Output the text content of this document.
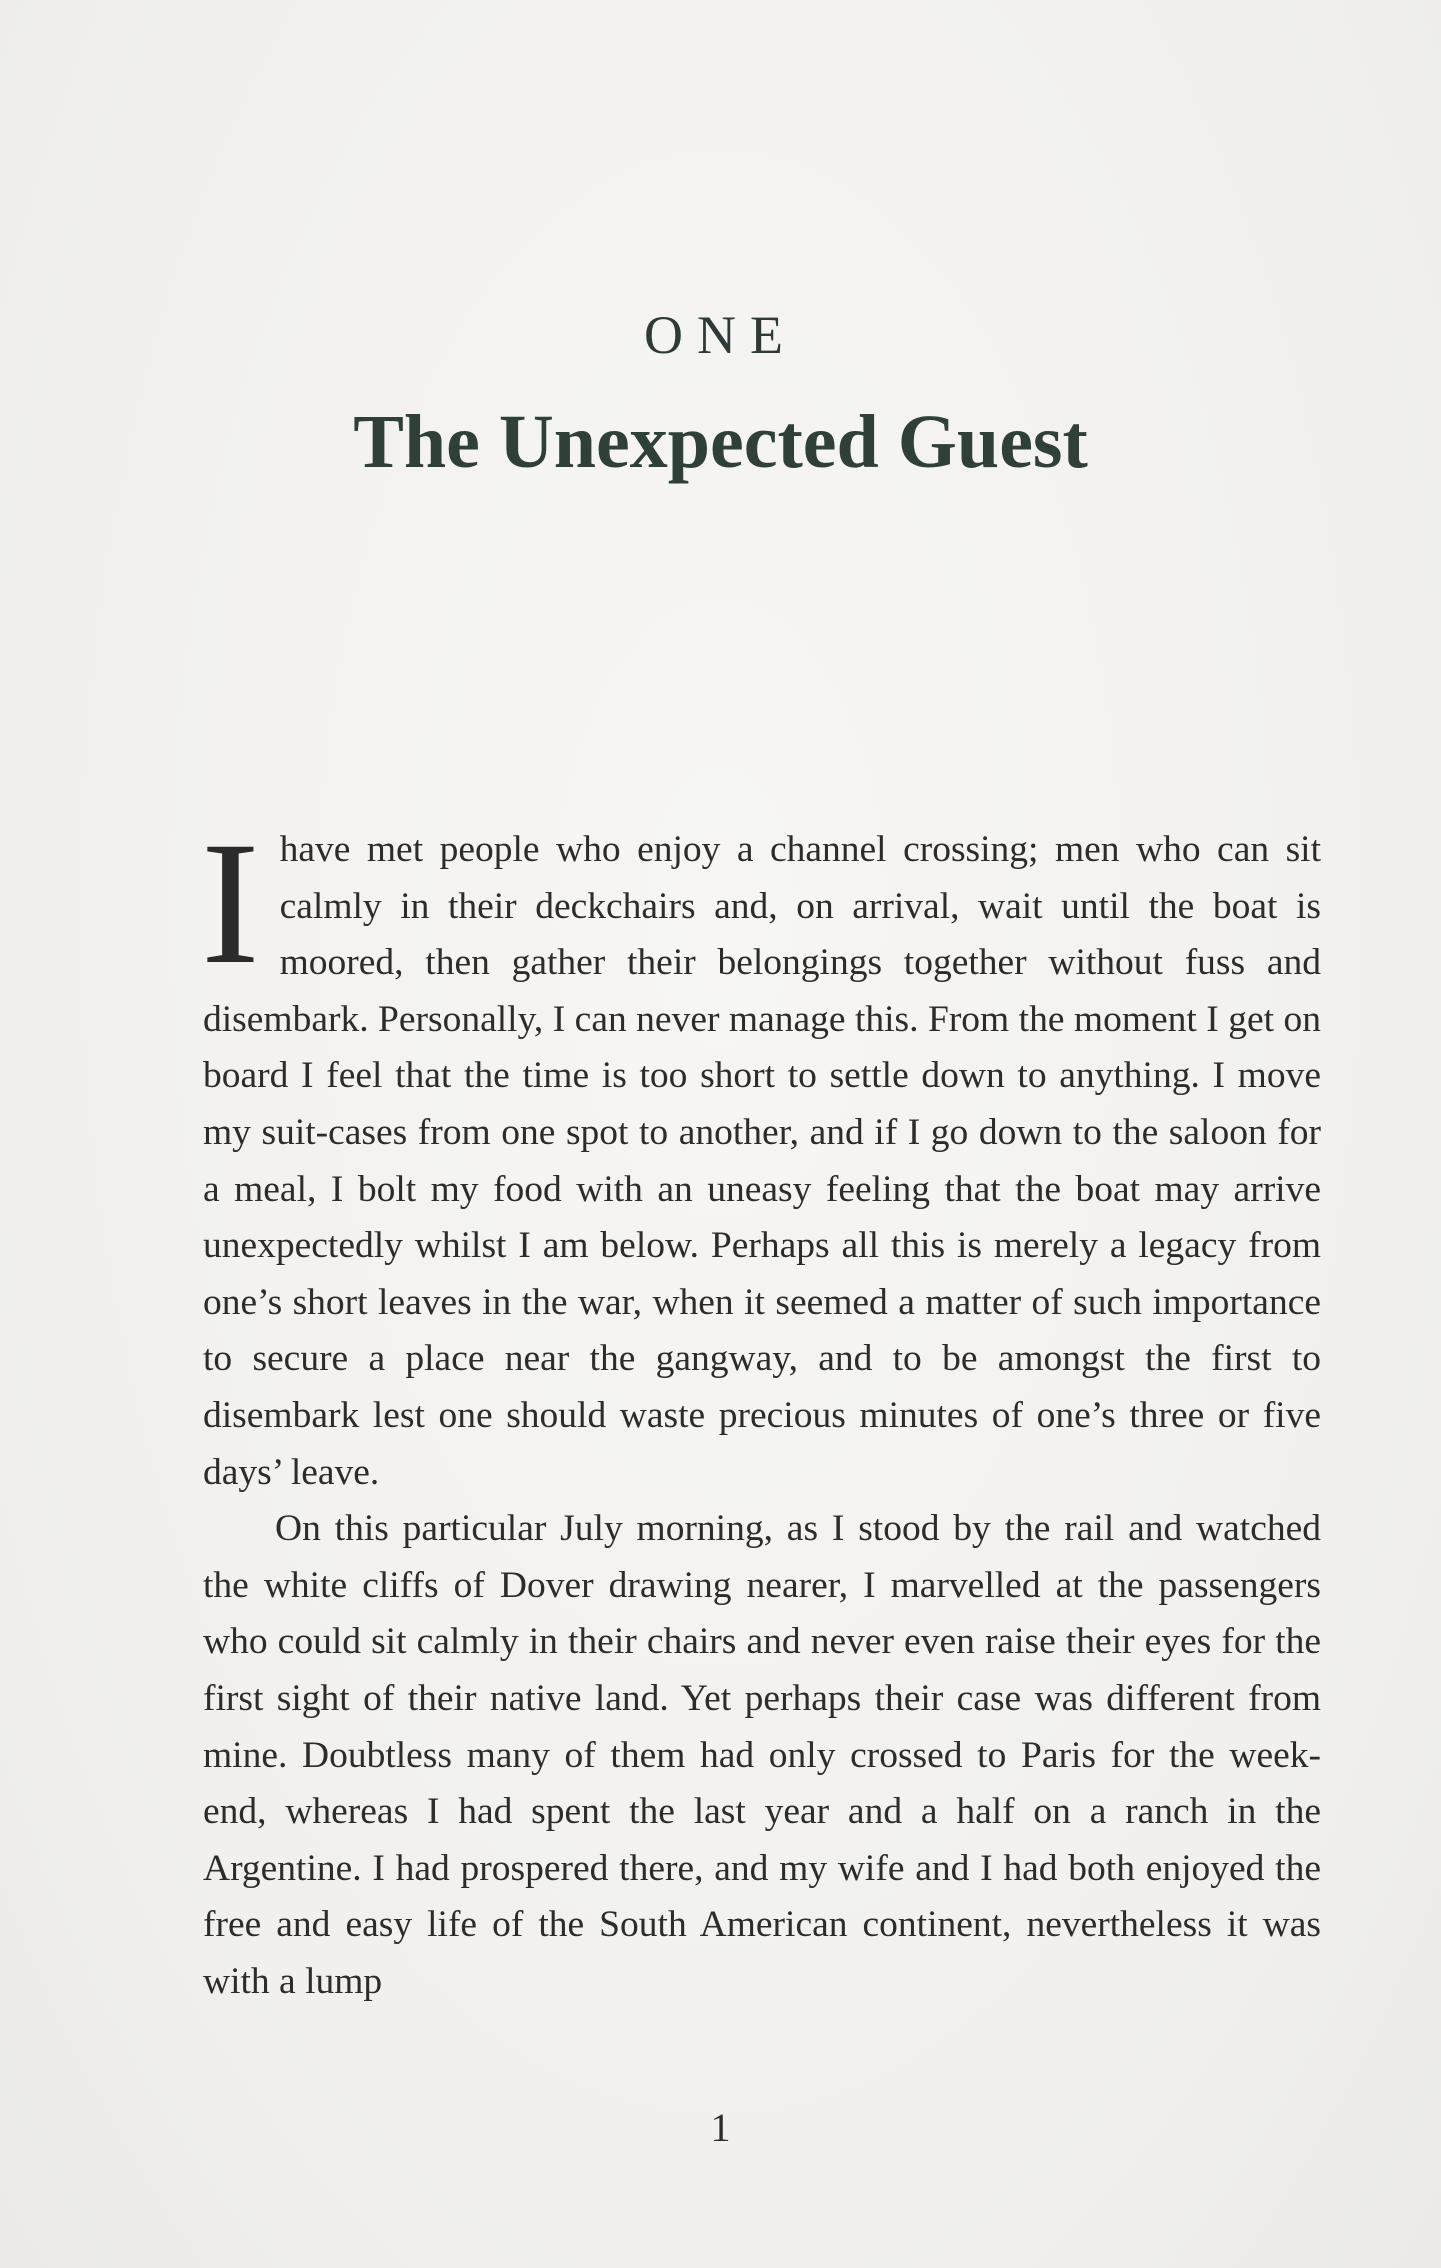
ONE
The Unexpected Guest

I have met people who enjoy a channel crossing; men who can sit calmly in their deckchairs and, on arrival, wait until the boat is moored, then gather their belongings together without fuss and disembark. Personally, I can never manage this. From the moment I get on board I feel that the time is too short to settle down to anything. I move my suit-cases from one spot to another, and if I go down to the saloon for a meal, I bolt my food with an uneasy feeling that the boat may arrive unexpectedly whilst I am below. Perhaps all this is merely a legacy from one’s short leaves in the war, when it seemed a matter of such importance to secure a place near the gangway, and to be amongst the first to disembark lest one should waste precious minutes of one’s three or five days’ leave.

On this particular July morning, as I stood by the rail and watched the white cliffs of Dover drawing nearer, I marvelled at the passengers who could sit calmly in their chairs and never even raise their eyes for the first sight of their native land. Yet perhaps their case was different from mine. Doubtless many of them had only crossed to Paris for the week-end, whereas I had spent the last year and a half on a ranch in the Argentine. I had prospered there, and my wife and I had both enjoyed the free and easy life of the South American continent, nevertheless it was with a lump

1
